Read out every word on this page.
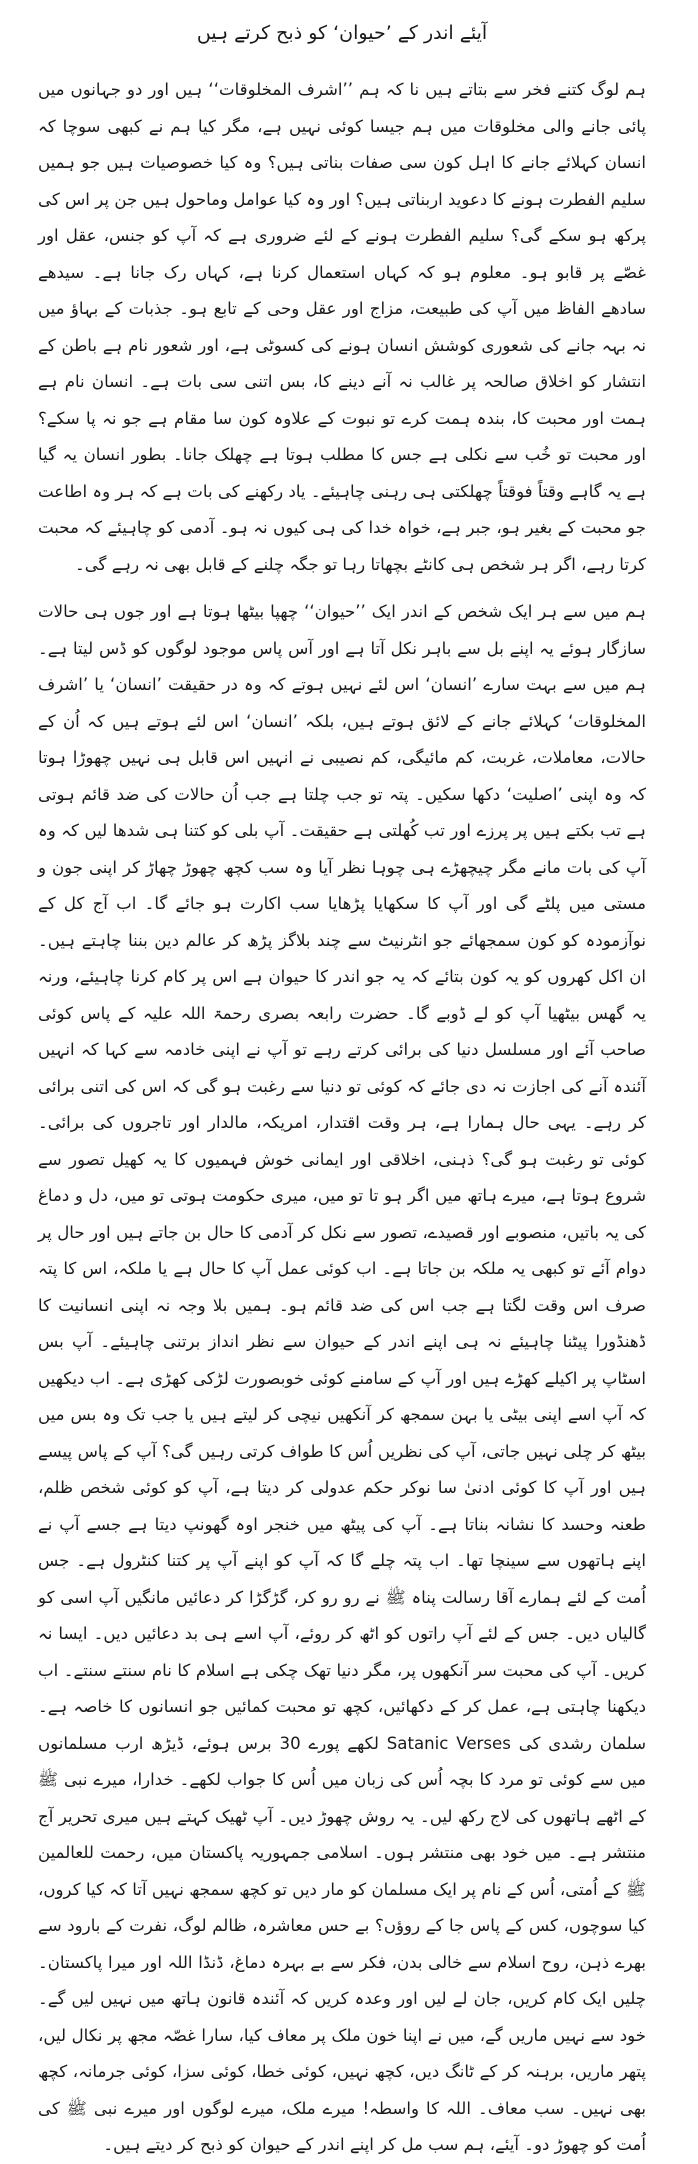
آیئے اندر کے ’حیوان‘ کو ذبح کرتے ہیں

ہم لوگ کتنے فخر سے بتاتے ہیں نا کہ ہم ’’اشرف المخلوقات‘‘ ہیں اور دو جہانوں میں پائی جانے والی مخلوقات میں ہم جیسا کوئی نہیں ہے، مگر کیا ہم نے کبھی سوچا کہ انسان کہلائے جانے کا اہل کون سی صفات بناتی ہیں؟ وہ کیا خصوصیات ہیں جو ہمیں سلیم الفطرت ہونے کا دعوید اربناتی ہیں؟ اور وہ کیا عوامل وماحول ہیں جن پر اس کی پرکھ ہو سکے گی؟ سلیم الفطرت ہونے کے لئے ضروری ہے کہ آپ کو جنس، عقل اور غصّے پر قابو ہو۔ معلوم ہو کہ کہاں استعمال کرنا ہے، کہاں رک جانا ہے۔ سیدھے سادھے الفاظ میں آپ کی طبیعت، مزاج اور عقل وحی کے تابع ہو۔ جذبات کے بہاؤ میں نہ بہہ جانے کی شعوری کوشش انسان ہونے کی کسوٹی ہے، اور شعور نام ہے باطن کے انتشار کو اخلاق صالحہ پر غالب نہ آنے دینے کا، بس اتنی سی بات ہے۔ انسان نام ہے ہمت اور محبت کا، بندہ ہمت کرے تو نبوت کے علاوہ کون سا مقام ہے جو نہ پا سکے؟ اور محبت تو خُب سے نکلی ہے جس کا مطلب ہوتا ہے چھلک جانا۔ بطور انسان یہ گیا ہے یہ گاہے وقتاً فوقتاً چھلکتی ہی رہنی چاہیئے۔ یاد رکھنے کی بات ہے کہ ہر وہ اطاعت جو محبت کے بغیر ہو، جبر ہے، خواہ خدا کی ہی کیوں نہ ہو۔ آدمی کو چاہیئے کہ محبت کرتا رہے، اگر ہر شخص ہی کانٹے بچھاتا رہا تو جگہ چلنے کے قابل بھی نہ رہے گی۔

ہم میں سے ہر ایک شخص کے اندر ایک ’’حیوان‘‘ چھپا بیٹھا ہوتا ہے اور جوں ہی حالات سازگار ہوئے یہ اپنے بل سے باہر نکل آتا ہے اور آس پاس موجود لوگوں کو ڈس لیتا ہے۔ ہم میں سے بہت سارے ’انسان‘ اس لئے نہیں ہوتے کہ وہ در حقیقت ’انسان‘ یا ’اشرف المخلوقات‘ کہلائے جانے کے لائق ہوتے ہیں، بلکہ ’انسان‘ اس لئے ہوتے ہیں کہ اُن کے حالات، معاملات، غربت، کم مائیگی، کم نصیبی نے انہیں اس قابل ہی نہیں چھوڑا ہوتا کہ وہ اپنی ’اصلیت‘ دکھا سکیں۔ پتہ تو جب چلتا ہے جب اُن حالات کی ضد قائم ہوتی ہے تب بکتے ہیں پر پرزے اور تب کُھلتی ہے حقیقت۔ آپ بلی کو کتنا ہی شدھا لیں کہ وہ آپ کی بات مانے مگر چیچھڑے ہی چوہا نظر آیا وہ سب کچھ چھوڑ چھاڑ کر اپنی جون و مستی میں پلٹے گی اور آپ کا سکھایا پڑھایا سب اکارت ہو جائے گا۔ اب آج کل کے نوآزمودہ کو کون سمجھائے جو انٹرنیٹ سے چند بلاگز پڑھ کر عالم دین بننا چاہتے ہیں۔ ان اکل کھروں کو یہ کون بتائے کہ یہ جو اندر کا حیوان ہے اس پر کام کرنا چاہیئے، ورنہ یہ گھس بیٹھیا آپ کو لے ڈوبے گا۔ حضرت رابعہ بصری رحمۃ اللہ علیہ کے پاس کوئی صاحب آئے اور مسلسل دنیا کی برائی کرتے رہے تو آپ نے اپنی خادمہ سے کہا کہ انہیں آئندہ آنے کی اجازت نہ دی جائے کہ کوئی تو دنیا سے رغبت ہو گی کہ اس کی اتنی برائی کر رہے۔ یہی حال ہمارا ہے، ہر وقت اقتدار، امریکہ، مالدار اور تاجروں کی برائی۔ کوئی تو رغبت ہو گی؟ ذہنی، اخلاقی اور ایمانی خوش فہمیوں کا یہ کھیل تصور سے شروع ہوتا ہے، میرے ہاتھ میں اگر ہو تا تو میں، میری حکومت ہوتی تو میں، دل و دماغ کی یہ باتیں، منصوبے اور قصیدے، تصور سے نکل کر آدمی کا حال بن جاتے ہیں اور حال پر دوام آئے تو کبھی یہ ملکہ بن جاتا ہے۔ اب کوئی عمل آپ کا حال ہے یا ملکہ، اس کا پتہ صرف اس وقت لگتا ہے جب اس کی ضد قائم ہو۔ ہمیں بلا وجہ نہ اپنی انسانیت کا ڈھنڈورا پیٹنا چاہیئے نہ ہی اپنے اندر کے حیوان سے نظر انداز برتنی چاہیئے۔ آپ بس اسٹاپ پر اکیلے کھڑے ہیں اور آپ کے سامنے کوئی خوبصورت لڑکی کھڑی ہے۔ اب دیکھیں کہ آپ اسے اپنی بیٹی یا بہن سمجھ کر آنکھیں نیچی کر لیتے ہیں یا جب تک وہ بس میں بیٹھ کر چلی نہیں جاتی، آپ کی نظریں اُس کا طواف کرتی رہیں گی؟ آپ کے پاس پیسے ہیں اور آپ کا کوئی ادنیٰ سا نوکر حکم عدولی کر دیتا ہے، آپ کو کوئی شخص ظلم، طعنہ وحسد کا نشانہ بناتا ہے۔ آپ کی پیٹھ میں خنجر اوہ گھونپ دیتا ہے جسے آپ نے اپنے ہاتھوں سے سینچا تھا۔ اب پتہ چلے گا کہ آپ کو اپنے آپ پر کتنا کنٹرول ہے۔ جس اُمت کے لئے ہمارے آقا رسالت پناہ ﷺ نے رو رو کر، گڑگڑا کر دعائیں مانگیں آپ اسی کو گالیاں دیں۔ جس کے لئے آپ راتوں کو اٹھ کر روئے، آپ اسے ہی بد دعائیں دیں۔ ایسا نہ کریں۔ آپ کی محبت سر آنکھوں پر، مگر دنیا تھک چکی ہے اسلام کا نام سنتے سنتے۔ اب دیکھنا چاہتی ہے، عمل کر کے دکھائیں، کچھ تو محبت کمائیں جو انسانوں کا خاصہ ہے۔ سلمان رشدی کی Satanic Verses لکھے پورے 30 برس ہوئے، ڈیڑھ ارب مسلمانوں میں سے کوئی تو مرد کا بچہ اُس کی زبان میں اُس کا جواب لکھے۔ خدارا، میرے نبی ﷺ کے اٹھے ہاتھوں کی لاج رکھ لیں۔ یہ روش چھوڑ دیں۔ آپ ٹھیک کہتے ہیں میری تحریر آج منتشر ہے۔ میں خود بھی منتشر ہوں۔ اسلامی جمہوریہ پاکستان میں، رحمت للعالمین ﷺ کے اُمتی، اُس کے نام پر ایک مسلمان کو مار دیں تو کچھ سمجھ نہیں آتا کہ کیا کروں، کیا سوچوں، کس کے پاس جا کے روؤں؟ بے حس معاشرہ، ظالم لوگ، نفرت کے بارود سے بھرے ذہن، روح اسلام سے خالی بدن، فکر سے بے بہرہ دماغ، ڈنڈا اللہ اور میرا پاکستان۔ چلیں ایک کام کریں، جان لے لیں اور وعدہ کریں کہ آئندہ قانون ہاتھ میں نہیں لیں گے۔ خود سے نہیں ماریں گے، میں نے اپنا خون ملک پر معاف کیا، سارا غصّہ مجھ پر نکال لیں، پتھر ماریں، برہنہ کر کے ٹانگ دیں، کچھ نہیں، کوئی خطا، کوئی سزا، کوئی جرمانہ، کچھ بھی نہیں۔ سب معاف۔ اللہ کا واسطہ! میرے ملک، میرے لوگوں اور میرے نبی ﷺ کی اُمت کو چھوڑ دو۔ آیئے، ہم سب مل کر اپنے اندر کے حیوان کو ذبح کر دیتے ہیں۔
